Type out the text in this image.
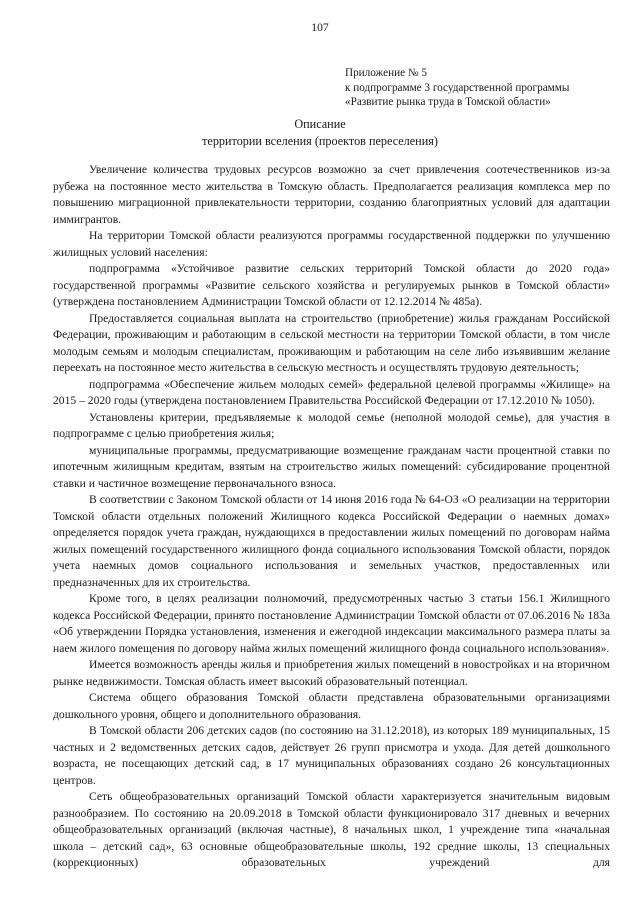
107
Приложение № 5
к подпрограмме 3 государственной программы
«Развитие рынка труда в Томской области»
Описание
территории вселения (проектов переселения)

Увеличение количества трудовых ресурсов возможно за счет привлечения соотечественников из-за рубежа на постоянное место жительства в Томскую область. Предполагается реализация комплекса мер по повышению миграционной привлекательности территории, созданию благоприятных условий для адаптации иммигрантов.

На территории Томской области реализуются программы государственной поддержки по улучшению жилищных условий населения:

подпрограмма «Устойчивое развитие сельских территорий Томской области до 2020 года» государственной программы «Развитие сельского хозяйства и регулируемых рынков в Томской области» (утверждена постановлением Администрации Томской области от 12.12.2014 № 485а).

Предоставляется социальная выплата на строительство (приобретение) жилья гражданам Российской Федерации, проживающим и работающим в сельской местности на территории Томской области, в том числе молодым семьям и молодым специалистам, проживающим и работающим на селе либо изъявившим желание переехать на постоянное место жительства в сельскую местность и осуществлять трудовую деятельность;

подпрограмма «Обеспечение жильем молодых семей» федеральной целевой программы «Жилище» на 2015 – 2020 годы (утверждена постановлением Правительства Российской Федерации от 17.12.2010 № 1050).

Установлены критерии, предъявляемые к молодой семье (неполной молодой семье), для участия в подпрограмме с целью приобретения жилья;

муниципальные программы, предусматривающие возмещение гражданам части процентной ставки по ипотечным жилищным кредитам, взятым на строительство жилых помещений: субсидирование процентной ставки и частичное возмещение первоначального взноса.

В соответствии с Законом Томской области от 14 июня 2016 года № 64-ОЗ «О реализации на территории Томской области отдельных положений Жилищного кодекса Российской Федерации о наемных домах» определяется порядок учета граждан, нуждающихся в предоставлении жилых помещений по договорам найма жилых помещений государственного жилищного фонда социального использования Томской области, порядок учета наемных домов социального использования и земельных участков, предоставленных или предназначенных для их строительства.

Кроме того, в целях реализации полномочий, предусмотренных частью 3 статьи 156.1 Жилищного кодекса Российской Федерации, принято постановление Администрации Томской области от 07.06.2016 № 183а «Об утверждении Порядка установления, изменения и ежегодной индексации максимального размера платы за наем жилого помещения по договору найма жилых помещений жилищного фонда социального использования».

Имеется возможность аренды жилья и приобретения жилых помещений в новостройках и на вторичном рынке недвижимости. Томская область имеет высокий образовательный потенциал.

Система общего образования Томской области представлена образовательными организациями дошкольного уровня, общего и дополнительного образования.

В Томской области 206 детских садов (по состоянию на 31.12.2018), из которых 189 муниципальных, 15 частных и 2 ведомственных детских садов, действует 26 групп присмотра и ухода. Для детей дошкольного возраста, не посещающих детский сад, в 17 муниципальных образованиях создано 26 консультационных центров.

Сеть общеобразовательных организаций Томской области характеризуется значительным видовым разнообразием. По состоянию на 20.09.2018 в Томской области функционировало 317 дневных и вечерних общеобразовательных организаций (включая частные), 8 начальных школ, 1 учреждение типа «начальная школа – детский сад», 63 основные общеобразовательные школы, 192 средние школы, 13 специальных (коррекционных) образовательных учреждений для
